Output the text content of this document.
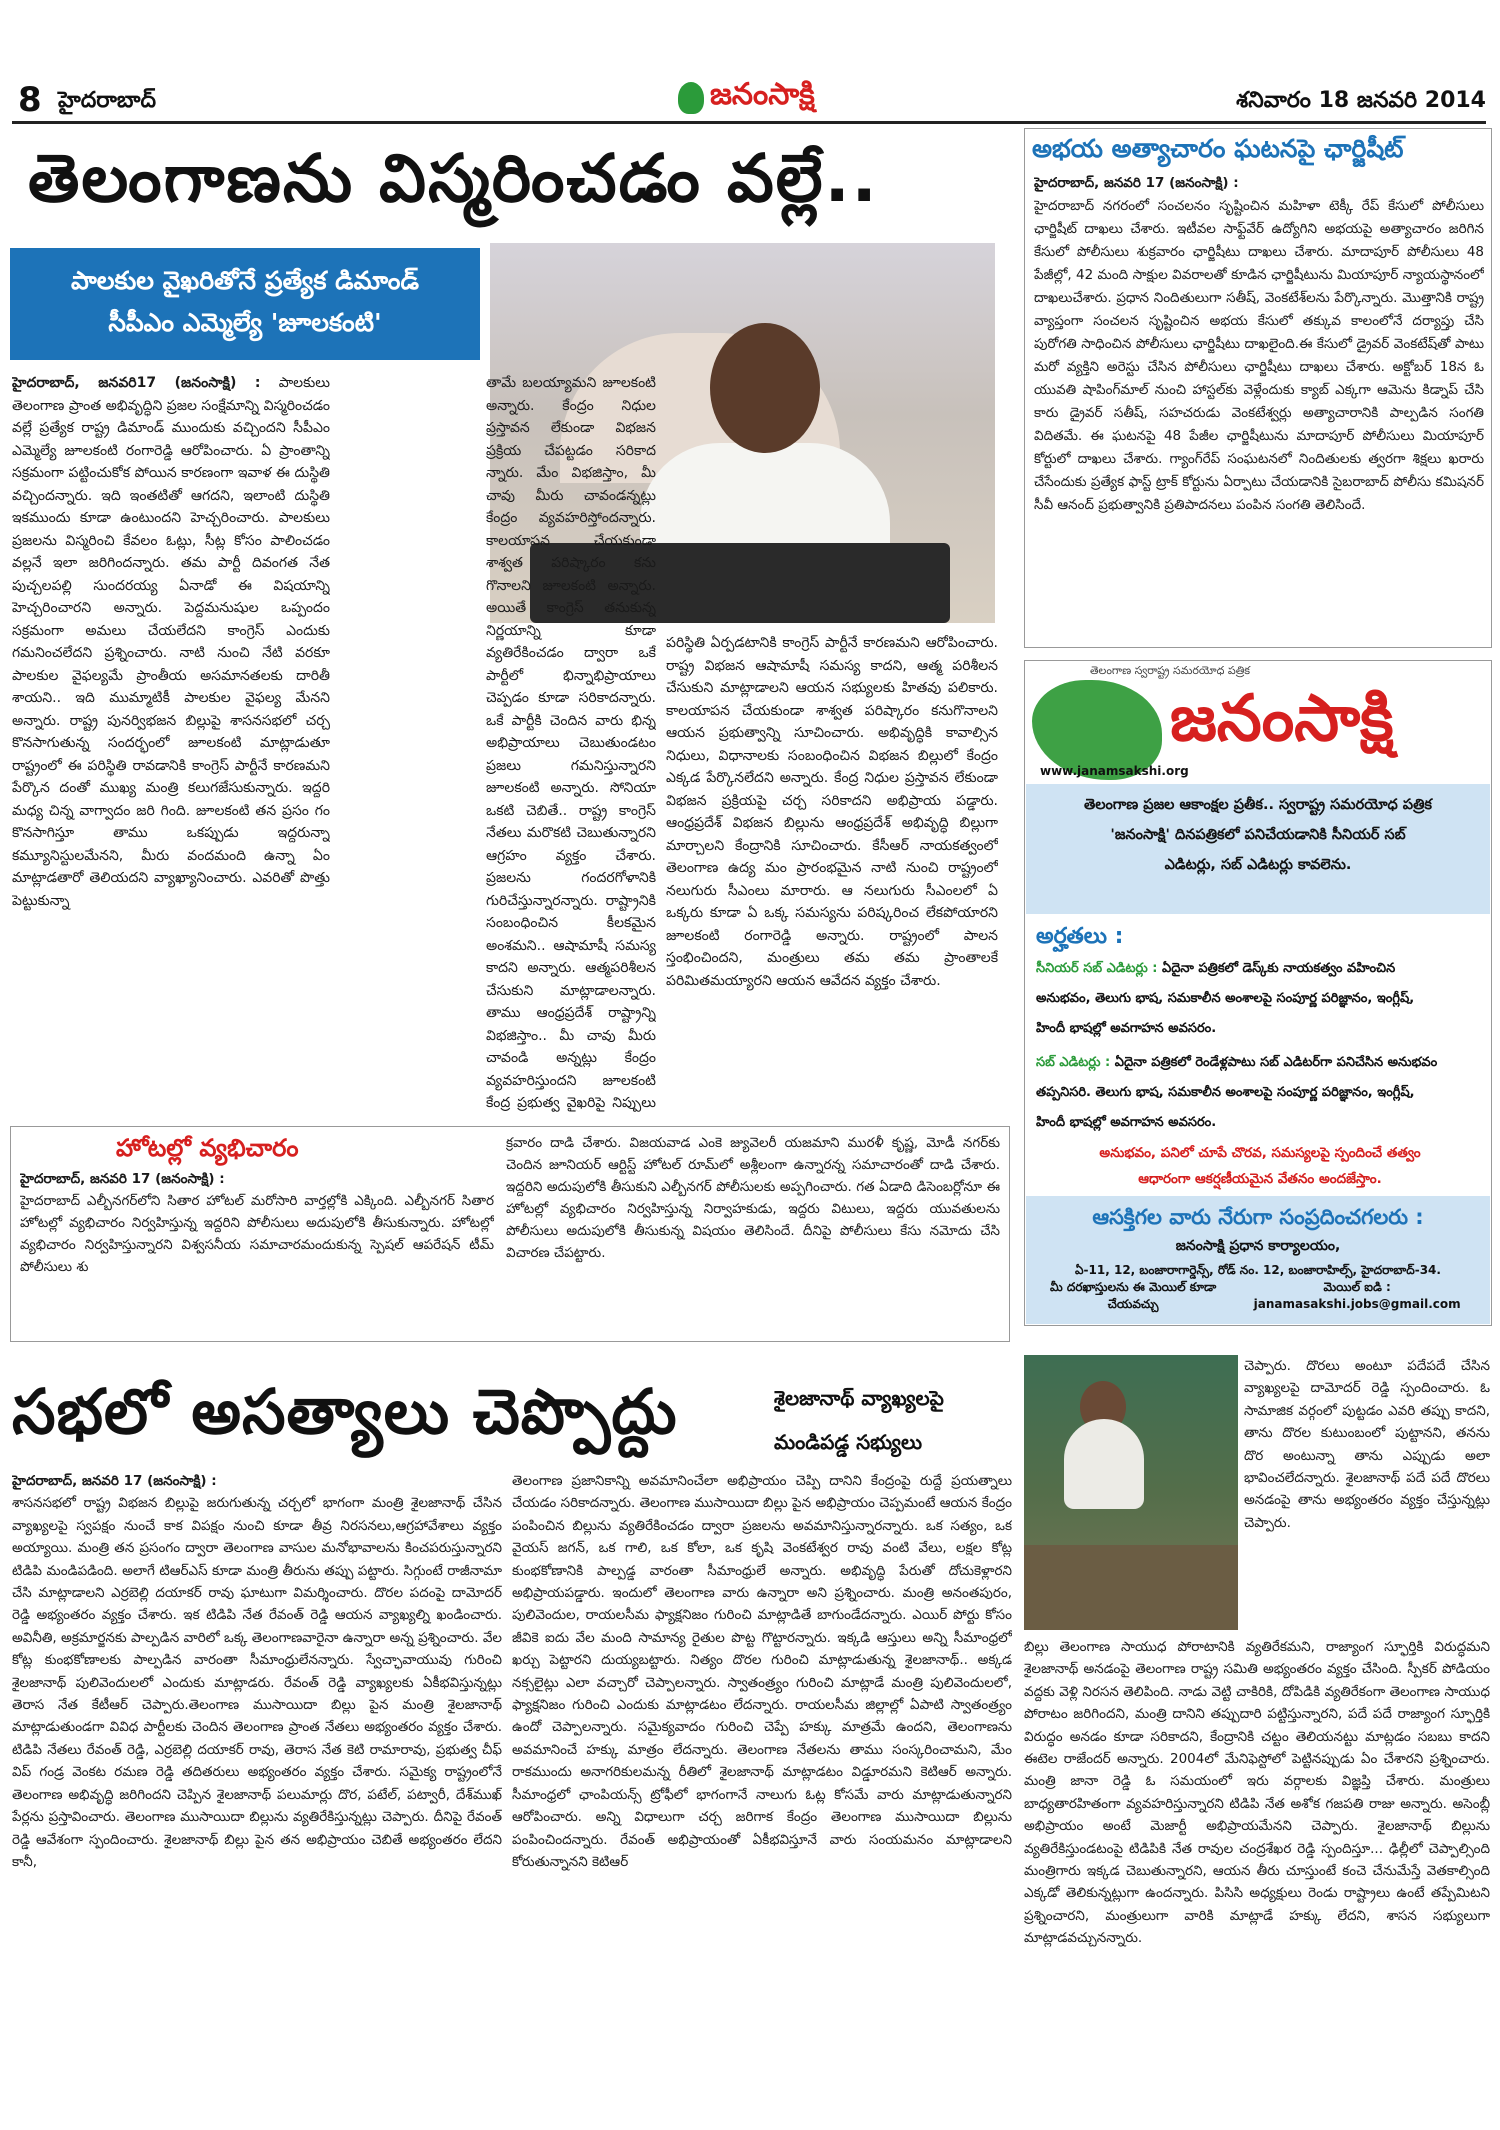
8 హైదరాబాద్	జనంసాక్షి	శనివారం 18 జనవరి 2014
తెలంగాణను విస్మరించడం వల్లే..
పాలకుల వైఖరితోనే ప్రత్యేక డిమాండ్
సీపీఎం ఎమ్మెల్యే 'జూలకంటి'
హైదరాబాద్, జనవరి17 (జనంసాక్షి) : పాలకులు తెలంగాణ ప్రాంత అభివృద్ధిని ప్రజల సంక్షేమాన్ని విస్మరించడం వల్లే ప్రత్యేక రాష్ట్ర డిమాండ్ ముందుకు వచ్చిందని సీపీఎం ఎమ్మెల్యే జూలకంటి రంగారెడ్డి ఆరోపించారు. ఏ ప్రాంతాన్ని సక్రమంగా పట్టించుకోక పోయిన కారణంగా ఇవాళ ఈ దుస్థితి వచ్చిందన్నారు. ఇది ఇంతటితో ఆగదని, ఇలాంటి దుస్థితి ఇకముందు కూడా ఉంటుందని హెచ్చరించారు. పాలకులు ప్రజలను విస్మరించి కేవలం ఓట్లు, సీట్ల కోసం పాలించడం వల్లనే ఇలా జరిగిందన్నారు. తమ పార్టీ దివంగత నేత పుచ్చలపల్లి సుందరయ్య ఏనాడో ఈ విషయాన్ని హెచ్చరించారని అన్నారు. పెద్దమనుషుల ఒప్పందం సక్రమంగా అమలు చేయలేదని కాంగ్రెస్ ఎందుకు గమనించలేదని ప్రశ్నించారు. నాటి నుంచి నేటి వరకూ పాలకుల వైఫల్యమే ప్రాంతీయ అసమానతలకు దారితీ శాయని.. ఇది ముమ్మాటికీ పాలకుల వైఫల్య మేనని అన్నారు. రాష్ట్ర పునర్విభజన బిల్లుపై శాసనసభలో చర్చ కొనసాగుతున్న సందర్భంలో జూలకంటి మాట్లాడుతూ రాష్ట్రంలో ఈ పరిస్థితి రావడానికి కాంగ్రెస్ పార్టీనే కారణమని పేర్కొన దంతో ముఖ్య మంత్రి కలుగజేసుకున్నారు. ఇద్దరి మధ్య చిన్న వాగ్వాదం జరి గింది. జూలకంటి తన ప్రసం గం కొనసాగిస్తూ తాము ఒకప్పుడు ఇద్దరున్నా కమ్యూనిస్టులమేనని, మీరు వందమంది ఉన్నా ఏం మాట్లాడతారో తెలియదని వ్యాఖ్యానించారు. ఎవరితో పొత్తు పెట్టుకున్నా
తామే బలయ్యామని జూలకంటి అన్నారు. కేంద్రం నిధుల ప్రస్తావన లేకుండా విభజన ప్రక్రియ చేపట్టడం సరికాద న్నారు. మేం విభజిస్తాం, మీ చావు మీరు చావండన్నట్లు కేంద్రం వ్యవహరిస్తోందన్నారు. కాలయాపన చేయకుండా శాశ్వత పరిష్కారం కను గొనాలని జూలకంటి అన్నారు. అయితే కాంగ్రెస్ తనుకున్న నిర్ణయాన్ని కూడా వ్యతిరేకించడం ద్వారా ఒకే పార్టీలో భిన్నాభిప్రాయాలు చెప్పడం కూడా సరికాదన్నారు. ఒకే పార్టీకి చెందిన వారు భిన్న అభిప్రాయాలు చెబుతుండటం ప్రజలు గమనిస్తున్నారని జూలకంటి అన్నారు. సోనియా ఒకటి చెబితే.. రాష్ట్ర కాంగ్రెస్ నేతలు మరొకటి చెబుతున్నారని ఆగ్రహం వ్యక్తం చేశారు. ప్రజలను గందరగోళానికి గురిచేస్తున్నారన్నారు. రాష్ట్రానికి సంబంధించిన కీలకమైన అంశమని.. ఆషామాషీ సమస్య కాదని అన్నారు. ఆత్మపరిశీలన చేసుకుని మాట్లాడాలన్నారు. తాము ఆంధ్రప్రదేశ్ రాష్ట్రాన్ని విభజిస్తాం.. మీ చావు మీరు చావండి అన్నట్లు కేంద్రం వ్యవహరిస్తుందని జూలకంటి కేంద్ర ప్రభుత్వ వైఖరిపై నిప్పులు
పరిస్థితి ఏర్పడటానికి కాంగ్రెస్ పార్టీనే కారణమని ఆరోపించారు. రాష్ట్ర విభజన ఆషామాషీ సమస్య కాదని, ఆత్మ పరిశీలన చేసుకుని మాట్లాడాలని ఆయన సభ్యులకు హితవు పలికారు. కాలయాపన చేయకుండా శాశ్వత పరిష్కారం కనుగొనాలని ఆయన ప్రభుత్వాన్ని సూచించారు. అభివృద్ధికి కావాల్సిన నిధులు, విధానాలకు సంబంధించిన విభజన బిల్లులో కేంద్రం ఎక్కడ పేర్కొనలేదని అన్నారు. కేంద్ర నిధుల ప్రస్తావన లేకుండా విభజన ప్రక్రియపై చర్చ సరికాదని అభిప్రాయ పడ్డారు. ఆంధ్రప్రదేశ్ విభజన బిల్లును ఆంధ్రప్రదేశ్ అభివృద్ధి బిల్లుగా మార్చాలని కేంద్రానికి సూచించారు. కేసీఆర్ నాయకత్వంలో తెలంగాణ ఉద్య మం ప్రారంభమైన నాటి నుంచి రాష్ట్రంలో నలుగురు సీఎంలు మారారు. ఆ నలుగురు సీఎంలలో ఏ ఒక్కరు కూడా ఏ ఒక్క సమస్యను పరిష్కరించ లేకపోయారని జూలకంటి రంగారెడ్డి అన్నారు. రాష్ట్రంలో పాలన స్తంభించిందని, మంత్రులు తమ తమ ప్రాంతాలకే పరిమితమయ్యారని ఆయన ఆవేదన వ్యక్తం చేశారు.
అభయ అత్యాచారం ఘటనపై ఛార్జిషీట్
హైదరాబాద్, జనవరి 17 (జనంసాక్షి) :
హైదరాబాద్ నగరంలో సంచలనం సృష్టించిన మహిళా టెక్కీ రేప్ కేసులో పోలీసులు ఛార్జిషీట్ దాఖలు చేశారు. ఇటీవల సాఫ్ట్‌వేర్ ఉద్యోగిని అభయపై అత్యాచారం జరిగిన కేసులో పోలీసులు శుక్రవారం ఛార్జిషీటు దాఖలు చేశారు. మాదాపూర్ పోలీసులు 48 పేజీల్లో, 42 మంది సాక్షుల వివరాలతో కూడిన ఛార్జిషీటును మియాపూర్ న్యాయస్థానంలో దాఖలుచేశారు. ప్రధాన నిందితులుగా సతీష్, వెంకటేశ్‌లను పేర్కొన్నారు. మొత్తానికి రాష్ట్ర వ్యాప్తంగా సంచలన సృష్టించిన అభయ కేసులో తక్కువ కాలంలోనే దర్యాప్తు చేసి పురోగతి సాధించిన పోలీసులు ఛార్జిషీటు దాఖలైంది.ఈ కేసులో డ్రైవర్ వెంకటేష్‌తో పాటు మరో వ్యక్తిని అరెస్టు చేసిన పోలీసులు ఛార్జిషీటు దాఖలు చేశారు. అక్టోబర్ 18న ఓ యువతి షాపింగ్‌మాల్ నుంచి హాస్టల్‌కు వెళ్లేందుకు క్యాబ్ ఎక్కగా ఆమెను కిడ్నాప్ చేసి కారు డ్రైవర్ సతీష్, సహచరుడు వెంకటేశ్వర్లు అత్యాచారానికి పాల్పడిన సంగతి విదితమే. ఈ ఘటనపై 48 పేజీల ఛార్జిషీటును మాదాపూర్ పోలీసులు మియాపూర్ కోర్టులో దాఖలు చేశారు. గ్యాంగ్‌రేప్ సంఘటనలో నిందితులకు త్వరగా శిక్షలు ఖరారు చేసేందుకు ప్రత్యేక ఫాస్ట్ ట్రాక్ కోర్టును ఏర్పాటు చేయడానికి సైబరాబాద్ పోలీసు కమిషనర్ సీవీ ఆనంద్ ప్రభుత్వానికి ప్రతిపాదనలు పంపిన సంగతి తెలిసిందే.
తెలంగాణ స్వరాష్ట్ర సమరయోధ పత్రిక
జనంసాక్షి
www.janamsakshi.org
తెలంగాణ ప్రజల ఆకాంక్షల ప్రతీక.. స్వరాష్ట్ర సమరయోధ పత్రిక
'జనంసాక్షి' దినపత్రికలో పనిచేయడానికి సీనియర్ సబ్
ఎడిటర్లు, సబ్ ఎడిటర్లు కావలెను.
అర్హతలు :
సీనియర్ సబ్ ఎడిటర్లు : ఏదైనా పత్రికలో డెస్క్‌కు నాయకత్వం వహించిన
అనుభవం, తెలుగు భాష, సమకాలీన అంశాలపై సంపూర్ణ పరిజ్ఞానం, ఇంగ్లీష్,
హిందీ భాషల్లో అవగాహన అవసరం.
సబ్ ఎడిటర్లు : ఏదైనా పత్రికలో రెండేళ్లపాటు సబ్ ఎడిటర్‌గా పనిచేసిన అనుభవం
తప్పనిసరి. తెలుగు భాష, సమకాలీన అంశాలపై సంపూర్ణ పరిజ్ఞానం, ఇంగ్లీష్,
హిందీ భాషల్లో అవగాహన అవసరం.
అనుభవం, పనిలో చూపే చొరవ, సమస్యలపై స్పందించే తత్వం
ఆధారంగా ఆకర్షణీయమైన వేతనం అందజేస్తాం.
ఆసక్తిగల వారు నేరుగా సంప్రదించగలరు :
జనంసాక్షి ప్రధాన కార్యాలయం,
ఏ-11, 12, బంజారాగార్డెన్స్, రోడ్ నం. 12, బంజారాహిల్స్, హైదరాబాద్-34.
మీ దరఖాస్తులను ఈ మెయిల్ కూడా చేయవచ్చు
మెయిల్ ఐడి : janamasakshi.jobs@gmail.com
హోటల్లో వ్యభిచారం
హైదరాబాద్, జనవరి 17 (జనంసాక్షి) :
హైదరాబాద్ ఎల్బీనగర్‌లోని సితార హోటల్ మరోసారి వార్తల్లోకి ఎక్కింది. ఎల్బీనగర్ సితార హోటల్లో వ్యభిచారం నిర్వహిస్తున్న ఇద్దరిని పోలీసులు అదుపులోకి తీసుకున్నారు. హోటల్లో వ్యభిచారం నిర్వహిస్తున్నారని విశ్వసనీయ సమాచారమందుకున్న స్పెషల్ ఆపరేషన్ టీమ్ పోలీసులు శు
క్రవారం దాడి చేశారు. విజయవాడ ఎంకె జ్యువెలరీ యజమాని మురళీ కృష్ణ, మోడీ నగర్‌కు చెందిన జూనియర్ ఆర్టిస్ట్ హోటల్ రూమ్‌లో అశ్లీలంగా ఉన్నారన్న సమాచారంతో దాడి చేశారు. ఇద్దరిని అదుపులోకి తీసుకుని ఎల్బీనగర్ పోలీసులకు అప్పగించారు. గత ఏడాది డిసెంబర్లోనూ ఈ హోటల్లో వ్యభిచారం నిర్వహిస్తున్న నిర్వాహకుడు, ఇద్దరు విటులు, ఇద్దరు యువతులను పోలీసులు అదుపులోకి తీసుకున్న విషయం తెలిసిందే. దీనిపై పోలీసులు కేసు నమోదు చేసి విచారణ చేపట్టారు.
సభలో అసత్యాలు చెప్పొద్దు	శైలజానాథ్ వ్యాఖ్యలపై
మండిపడ్డ సభ్యులు
హైదరాబాద్, జనవరి 17 (జనంసాక్షి) :
శాసనసభలో రాష్ట్ర విభజన బిల్లుపై జరుగుతున్న చర్చలో భాగంగా మంత్రి శైలజానాథ్ చేసిన వ్యాఖ్యలపై స్వపక్షం నుంచే కాక విపక్షం నుంచి కూడా తీవ్ర నిరసనలు,ఆగ్రహావేశాలు వ్యక్తం అయ్యాయి. మంత్రి తన ప్రసంగం ద్వారా తెలంగాణ వాసుల మనోభావాలను కించపరుస్తున్నారని టిడిపి మండిపడింది. అలాగే టిఆర్ఎస్ కూడా మంత్రి తీరును తప్పు పట్టారు. సిగ్గుంటే రాజీనామా చేసి మాట్లాడాలని ఎర్రబెల్లి దయాకర్ రావు ఘాటుగా విమర్శించారు. దొరల పదంపై దామోదర్ రెడ్డి అభ్యంతరం వ్యక్తం చేశారు. ఇక టిడిపి నేత రేవంత్ రెడ్డి ఆయన వ్యాఖ్యల్ని ఖండించారు. అవినీతి, అక్రమార్జనకు పాల్పడిన వారిలో ఒక్క తెలంగాణవారైనా ఉన్నారా అన్న ప్రశ్నించారు. వేల కోట్ల కుంభకోణాలకు పాల్పడిన వారంతా సీమాంధ్రులేనన్నారు. స్వేచ్ఛావాయువు గురించి శైలజానాథ్ పులివెందులలో ఎందుకు మాట్లాడరు. రేవంత్ రెడ్డి వ్యాఖ్యలకు ఏకీభవిస్తున్నట్లు తెరాస నేత కేటీఆర్ చెప్పారు.తెలంగాణ ముసాయిదా బిల్లు పైన మంత్రి శైలజానాథ్ మాట్లాడుతుండగా వివిధ పార్టీలకు చెందిన తెలంగాణ ప్రాంత నేతలు అభ్యంతరం వ్యక్తం చేశారు. టిడిపి నేతలు రేవంత్ రెడ్డి, ఎర్రబెల్లి దయాకర్ రావు, తెరాస నేత కెటి రామారావు, ప్రభుత్వ చీఫ్ విప్ గండ్ర వెంకట రమణ రెడ్డి తదితరులు అభ్యంతరం వ్యక్తం చేశారు. సమైక్య రాష్ట్రంలోనే తెలంగాణ అభివృద్ధి జరిగిందని చెప్పిన శైలజానాథ్ పలుమార్లు దొర, పటేల్, పట్వారీ, దేశ్‌ముఖ్ పేర్లను ప్రస్తావించారు. తెలంగాణ ముసాయిదా బిల్లును వ్యతిరేకిస్తున్నట్లు చెప్పారు. దీనిపై రేవంత్ రెడ్డి ఆవేశంగా స్పందించారు. శైలజానాథ్ బిల్లు పైన తన అభిప్రాయం చెబితే అభ్యంతరం లేదని కానీ,
తెలంగాణ ప్రజానికాన్ని అవమానించేలా అభిప్రాయం చెప్పి దానిని కేంద్రంపై రుద్దే ప్రయత్నాలు చేయడం సరికాదన్నారు. తెలంగాణ ముసాయిదా బిల్లు పైన అభిప్రాయం చెప్పమంటే ఆయన కేంద్రం పంపించిన బిల్లును వ్యతిరేకించడం ద్వారా ప్రజలను అవమానిస్తున్నారన్నారు. ఒక సత్యం, ఒక వైయస్ జగన్, ఒక గాలి, ఒక కోలా, ఒక కృషి వెంకటేశ్వర రావు వంటి వేలు, లక్షల కోట్ల కుంభకోణానికి పాల్పడ్డ వారంతా సీమాంధ్రులే అన్నారు. అభివృద్ధి పేరుతో దోచుకెళ్లారని అభిప్రాయపడ్డారు. ఇందులో తెలంగాణ వారు ఉన్నారా అని ప్రశ్నించారు. మంత్రి అనంతపురం, పులివెందుల, రాయలసీమ ఫ్యాక్షనిజం గురించి మాట్లాడితే బాగుండేదన్నారు. ఎయిర్ పోర్టు కోసం జీవికె ఐదు వేల మంది సామాన్య రైతుల పొట్ట గొట్టారన్నారు. ఇక్కడి ఆస్తులు అన్ని సీమాంధ్రలో ఖర్చు పెట్టారని దుయ్యబట్టారు. నిత్యం దొరల గురించి మాట్లాడుతున్న శైలజానాథ్.. అక్కడ నక్సలైట్లు ఎలా వచ్చారో చెప్పాలన్నారు. స్వాతంత్ర్యం గురించి మాట్లాడే మంత్రి పులివెందులలో, ఫ్యాక్షనిజం గురించి ఎందుకు మాట్లాడటం లేదన్నారు. రాయలసీమ జిల్లాల్లో ఏపాటి స్వాతంత్ర్యం ఉందో చెప్పాలన్నారు. సమైక్యవాదం గురించి చెప్పే హక్కు మాత్రమే ఉందని, తెలంగాణను అవమానించే హక్కు మాత్రం లేదన్నారు. తెలంగాణ నేతలను తాము సంస్కరించామని, మేం రాకముందు అనాగరికులమన్న రీతిలో శైలజానాథ్ మాట్లాడటం విడ్డూరమని కెటిఆర్ అన్నారు. సీమాంధ్రలో ఛాంపియన్స్ ట్రోఫీలో భాగంగానే నాలుగు ఓట్ల కోసమే వారు మాట్లాడుతున్నారని ఆరోపించారు. అన్ని విధాలుగా చర్చ జరిగాక కేంద్రం తెలంగాణ ముసాయిదా బిల్లును పంపించిందన్నారు. రేవంత్ అభిప్రాయంతో ఏకీభవిస్తూనే వారు సంయమనం మాట్లాడాలని కోరుతున్నానని కెటిఆర్
చెప్పారు. దొరలు అంటూ పదేపదే చేసిన వ్యాఖ్యలపై దామోదర్ రెడ్డి స్పందించారు. ఓ సామాజిక వర్గంలో పుట్టడం ఎవరి తప్పు కాదని, తాను దొరల కుటుంబంలో పుట్టానని, తనను దొర అంటున్నా తాను ఎప్పుడు అలా భావించలేదన్నారు. శైలజానాథ్ పదే పదే దొరలు అనడంపై తాను అభ్యంతరం వ్యక్తం చేస్తున్నట్లు చెప్పారు.
బిల్లు తెలంగాణ సాయుధ పోరాటానికి వ్యతిరేకమని, రాజ్యాంగ స్ఫూర్తికి విరుద్ధమని శైలజానాథ్ అనడంపై తెలంగాణ రాష్ట్ర సమితి అభ్యంతరం వ్యక్తం చేసింది. స్పీకర్ పోడియం వద్దకు వెళ్లి నిరసన తెలిపింది. నాడు వెట్టి చాకిరికి, దోపిడికి వ్యతిరేకంగా తెలంగాణ సాయుధ పోరాటం జరిగిందని, మంత్రి దానిని తప్పుదారి పట్టిస్తున్నారని, పదే పదే రాజ్యాంగ స్ఫూర్తికి విరుద్ధం అనడం కూడా సరికాదని, కేంద్రానికి చట్టం తెలియనట్టు మాట్లడం సబబు కాదని ఈటెల రాజేందర్ అన్నారు. 2004లో మేనిఫెస్టోలో పెట్టినప్పుడు ఏం చేశారని ప్రశ్నించారు. మంత్రి జానా రెడ్డి ఓ సమయంలో ఇరు వర్గాలకు విజ్ఞప్తి చేశారు. మంత్రులు బాధ్యతారహితంగా వ్యవహరిస్తున్నారని టిడిపి నేత అశోక గజపతి రాజు అన్నారు. అసెంబ్లీ అభిప్రాయం అంటే మెజార్టీ అభిప్రాయమేనని చెప్పారు. శైలజానాథ్ బిల్లును వ్యతిరేకిస్తుండటంపై టిడిపికి నేత రావుల చంద్రశేఖర రెడ్డి స్పందిస్తూ... ఢిల్లీలో చెప్పాల్సింది మంత్రిగారు ఇక్కడ చెబుతున్నారని, ఆయన తీరు చూస్తుంటే కంచె చేనుమేస్తే వెతకాల్సింది ఎక్కడో తెలికున్నట్లుగా ఉందన్నారు. పిసిసి అధ్యక్షులు రెండు రాష్ట్రాలు ఉంటే తప్పేమిటని ప్రశ్నించారని, మంత్రులుగా వారికి మాట్లాడే హక్కు లేదని, శాసన సభ్యులుగా మాట్లాడవచ్చునన్నారు.
